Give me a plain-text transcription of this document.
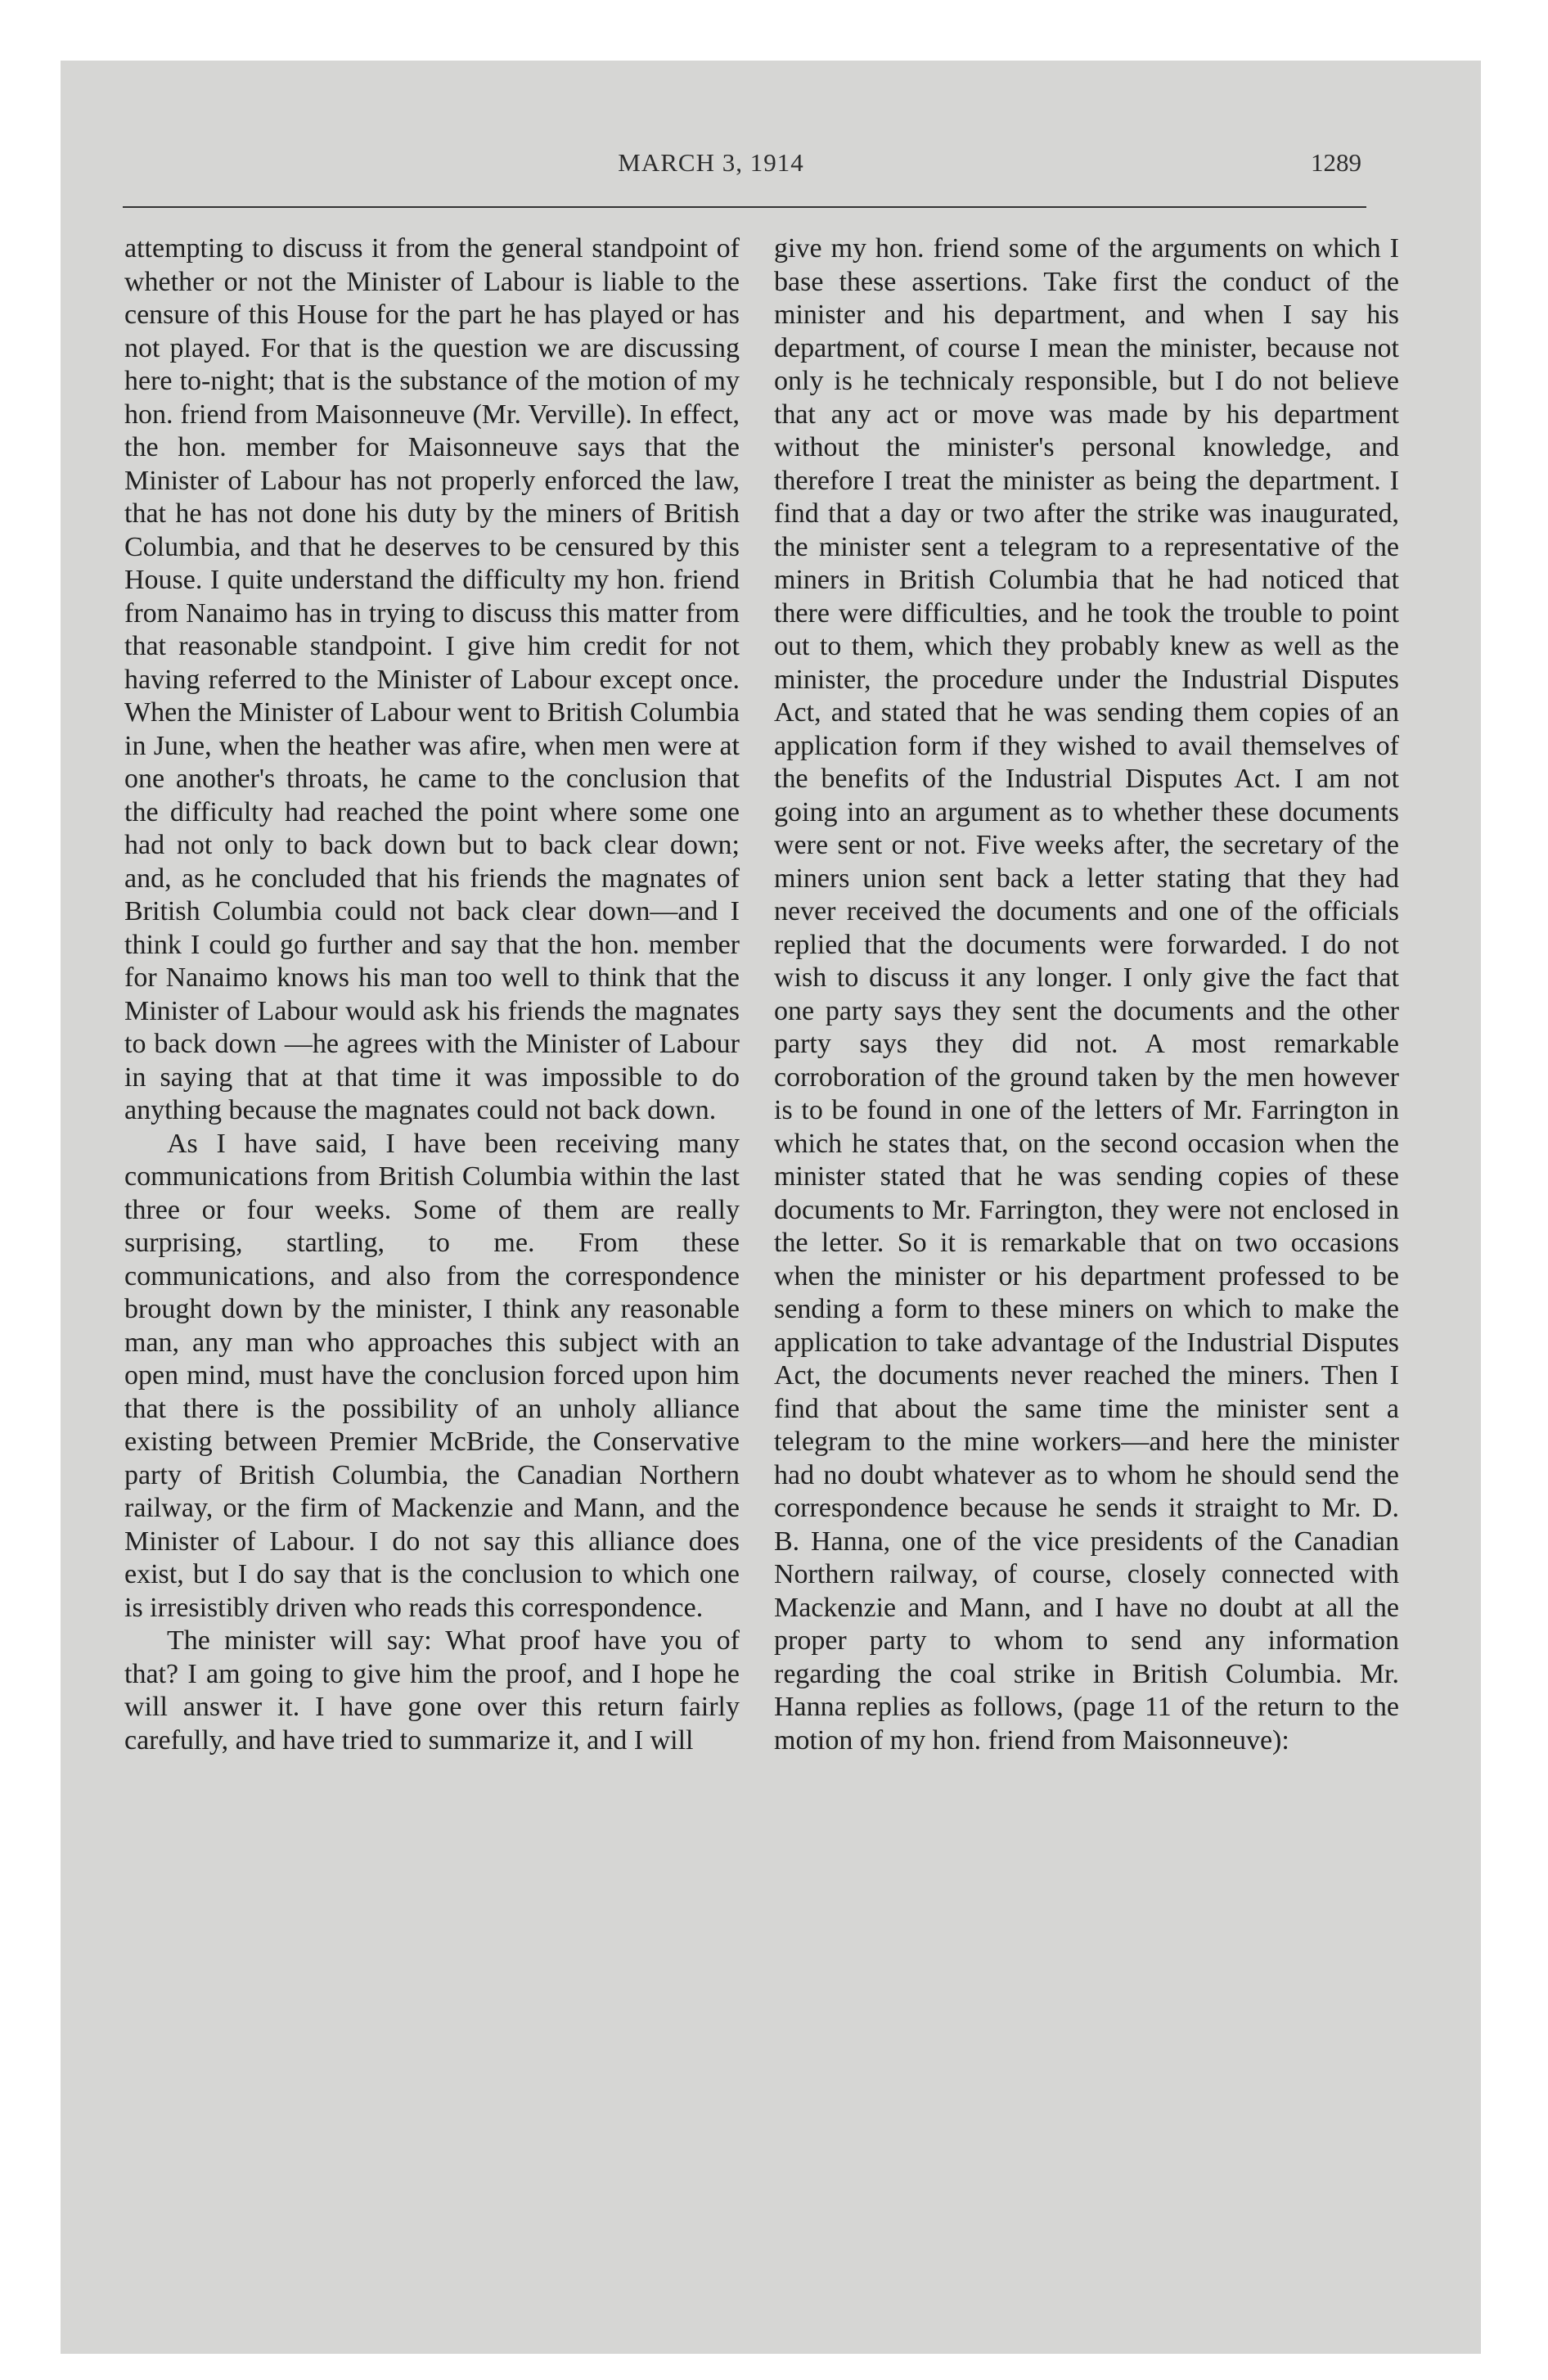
MARCH 3, 1914	1289

attempting to discuss it from the general standpoint of whether or not the Minister of Labour is liable to the censure of this House for the part he has played or has not played. For that is the question we are discussing here to-night; that is the substance of the motion of my hon. friend from Maisonneuve (Mr. Verville). In effect, the hon. member for Maisonneuve says that the Minister of Labour has not properly enforced the law, that he has not done his duty by the miners of British Columbia, and that he deserves to be censured by this House. I quite understand the difficulty my hon. friend from Nanaimo has in trying to discuss this matter from that reasonable standpoint. I give him credit for not having referred to the Minister of Labour except once. When the Minister of Labour went to British Columbia in June, when the heather was afire, when men were at one another's throats, he came to the conclusion that the difficulty had reached the point where some one had not only to back down but to back clear down; and, as he concluded that his friends the magnates of British Columbia could not back clear down—and I think I could go further and say that the hon. member for Nanaimo knows his man too well to think that the Minister of Labour would ask his friends the magnates to back down —he agrees with the Minister of Labour in saying that at that time it was impossible to do anything because the magnates could not back down.

As I have said, I have been receiving many communications from British Columbia within the last three or four weeks. Some of them are really surprising, startling, to me. From these communications, and also from the correspondence brought down by the minister, I think any reasonable man, any man who approaches this subject with an open mind, must have the conclusion forced upon him that there is the possibility of an unholy alliance existing between Premier McBride, the Conservative party of British Columbia, the Canadian Northern railway, or the firm of Mackenzie and Mann, and the Minister of Labour. I do not say this alliance does exist, but I do say that is the conclusion to which one is irresistibly driven who reads this correspondence.

The minister will say: What proof have you of that? I am going to give him the proof, and I hope he will answer it. I have gone over this return fairly carefully, and have tried to summarize it, and I will

give my hon. friend some of the arguments on which I base these assertions. Take first the conduct of the minister and his department, and when I say his department, of course I mean the minister, because not only is he technicaly responsible, but I do not believe that any act or move was made by his department without the minister's personal knowledge, and therefore I treat the minister as being the department. I find that a day or two after the strike was inaugurated, the minister sent a telegram to a representative of the miners in British Columbia that he had noticed that there were difficulties, and he took the trouble to point out to them, which they probably knew as well as the minister, the procedure under the Industrial Disputes Act, and stated that he was sending them copies of an application form if they wished to avail themselves of the benefits of the Industrial Disputes Act. I am not going into an argument as to whether these documents were sent or not. Five weeks after, the secretary of the miners union sent back a letter stating that they had never received the documents and one of the officials replied that the documents were forwarded. I do not wish to discuss it any longer. I only give the fact that one party says they sent the documents and the other party says they did not. A most remarkable corroboration of the ground taken by the men however is to be found in one of the letters of Mr. Farrington in which he states that, on the second occasion when the minister stated that he was sending copies of these documents to Mr. Farrington, they were not enclosed in the letter. So it is remarkable that on two occasions when the minister or his department professed to be sending a form to these miners on which to make the application to take advantage of the Industrial Disputes Act, the documents never reached the miners. Then I find that about the same time the minister sent a telegram to the mine workers—and here the minister had no doubt whatever as to whom he should send the correspondence because he sends it straight to Mr. D. B. Hanna, one of the vice presidents of the Canadian Northern railway, of course, closely connected with Mackenzie and Mann, and I have no doubt at all the proper party to whom to send any information regarding the coal strike in British Columbia. Mr. Hanna replies as follows, (page 11 of the return to the motion of my hon. friend from Maisonneuve):
